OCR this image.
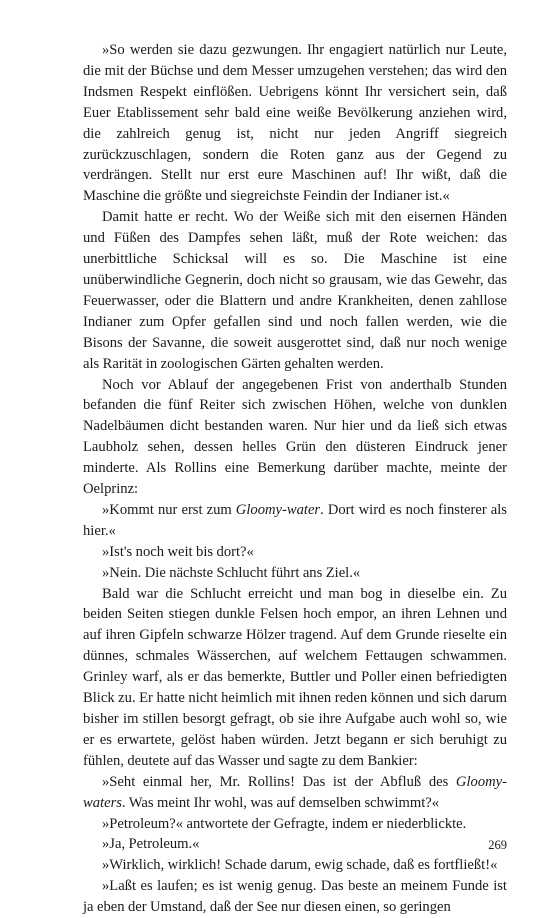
»So werden sie dazu gezwungen. Ihr engagiert natürlich nur Leute, die mit der Büchse und dem Messer umzugehen verstehen; das wird den Indsmen Respekt einflößen. Uebrigens könnt Ihr versichert sein, daß Euer Etablissement sehr bald eine weiße Bevölkerung anziehen wird, die zahlreich genug ist, nicht nur jeden Angriff siegreich zurückzuschlagen, sondern die Roten ganz aus der Gegend zu verdrängen. Stellt nur erst eure Maschinen auf! Ihr wißt, daß die Maschine die größte und siegreichste Feindin der Indianer ist.«

Damit hatte er recht. Wo der Weiße sich mit den eisernen Händen und Füßen des Dampfes sehen läßt, muß der Rote weichen: das unerbittliche Schicksal will es so. Die Maschine ist eine unüberwindliche Gegnerin, doch nicht so grausam, wie das Gewehr, das Feuerwasser, oder die Blattern und andre Krankheiten, denen zahllose Indianer zum Opfer gefallen sind und noch fallen werden, wie die Bisons der Savanne, die soweit ausgerottet sind, daß nur noch wenige als Rarität in zoologischen Gärten gehalten werden.

Noch vor Ablauf der angegebenen Frist von anderthalb Stunden befanden die fünf Reiter sich zwischen Höhen, welche von dunklen Nadelbäumen dicht bestanden waren. Nur hier und da ließ sich etwas Laubholz sehen, dessen helles Grün den düsteren Eindruck jener minderte. Als Rollins eine Bemerkung darüber machte, meinte der Oelprinz:

»Kommt nur erst zum Gloomy-water. Dort wird es noch finsterer als hier.«

»Ist's noch weit bis dort?«

»Nein. Die nächste Schlucht führt ans Ziel.«

Bald war die Schlucht erreicht und man bog in dieselbe ein. Zu beiden Seiten stiegen dunkle Felsen hoch empor, an ihren Lehnen und auf ihren Gipfeln schwarze Hölzer tragend. Auf dem Grunde rieselte ein dünnes, schmales Wässerchen, auf welchem Fettaugen schwammen. Grinley warf, als er das bemerkte, Buttler und Poller einen befriedigten Blick zu. Er hatte nicht heimlich mit ihnen reden können und sich darum bisher im stillen besorgt gefragt, ob sie ihre Aufgabe auch wohl so, wie er es erwartete, gelöst haben würden. Jetzt begann er sich beruhigt zu fühlen, deutete auf das Wasser und sagte zu dem Bankier:

»Seht einmal her, Mr. Rollins! Das ist der Abfluß des Gloomy-waters. Was meint Ihr wohl, was auf demselben schwimmt?«

»Petroleum?« antwortete der Gefragte, indem er niederblickte.

»Ja, Petroleum.«

»Wirklich, wirklich! Schade darum, ewig schade, daß es fortfließt!«

»Laßt es laufen; es ist wenig genug. Das beste an meinem Funde ist ja eben der Umstand, daß der See nur diesen einen, so geringen

269
